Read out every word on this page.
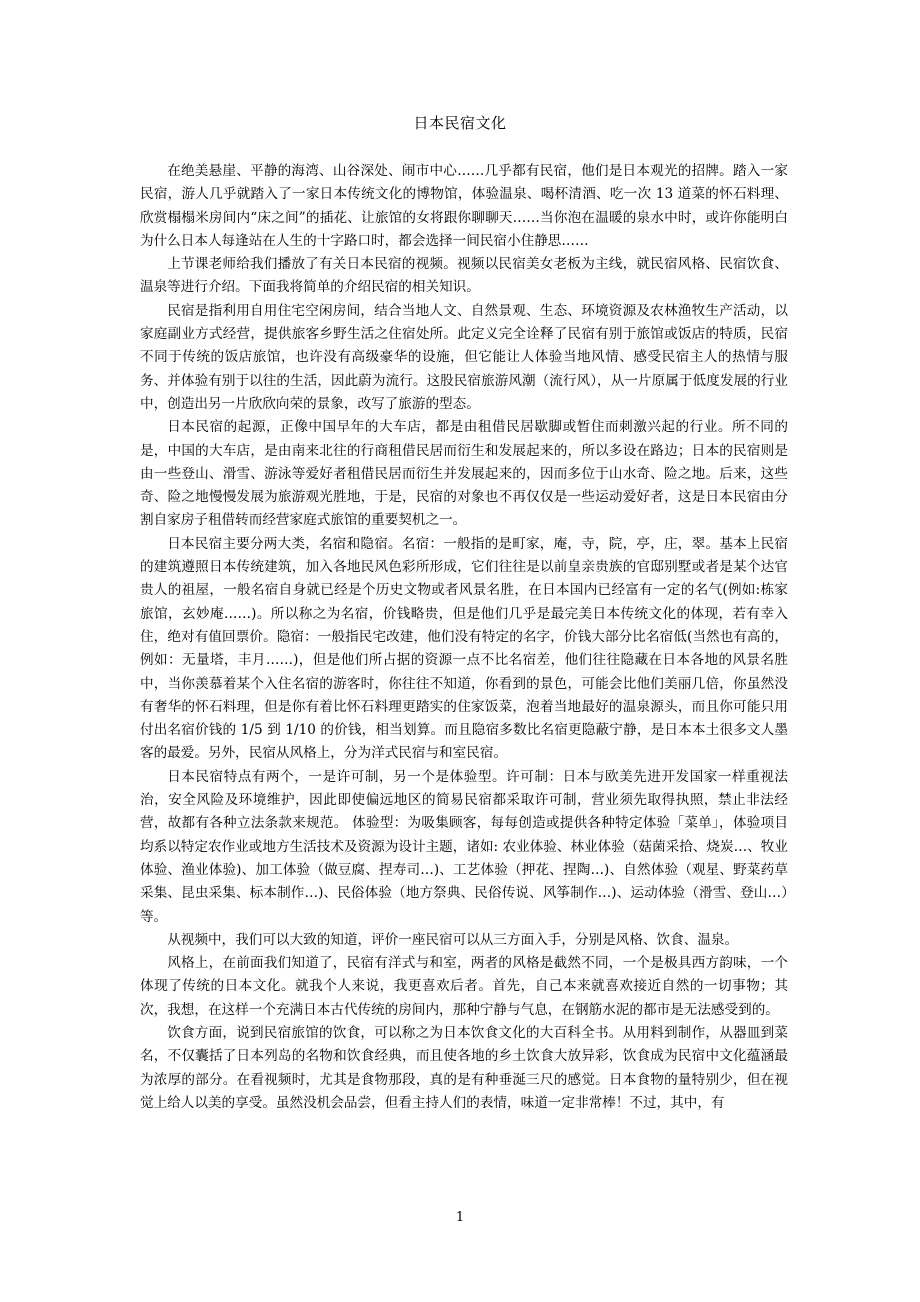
日本民宿文化

在绝美悬崖、平静的海湾、山谷深处、闹市中心……几乎都有民宿，他们是日本观光的招牌。踏入一家民宿，游人几乎就踏入了一家日本传统文化的博物馆，体验温泉、喝杯清酒、吃一次 13 道菜的怀石料理、欣赏榻榻米房间内“床之间”的插花、让旅馆的女将跟你聊聊天……当你泡在温暖的泉水中时，或许你能明白为什么日本人每逢站在人生的十字路口时，都会选择一间民宿小住静思……

上节课老师给我们播放了有关日本民宿的视频。视频以民宿美女老板为主线，就民宿风格、民宿饮食、温泉等进行介绍。下面我将简单的介绍民宿的相关知识。

民宿是指利用自用住宅空闲房间，结合当地人文、自然景观、生态、环境资源及农林渔牧生产活动，以家庭副业方式经营，提供旅客乡野生活之住宿处所。此定义完全诠释了民宿有别于旅馆或饭店的特质，民宿不同于传统的饭店旅馆，也许没有高级豪华的设施，但它能让人体验当地风情、感受民宿主人的热情与服务、并体验有别于以往的生活，因此蔚为流行。这股民宿旅游风潮（流行风），从一片原属于低度发展的行业中，创造出另一片欣欣向荣的景象，改写了旅游的型态。

日本民宿的起源，正像中国早年的大车店，都是由租借民居歇脚或暂住而刺激兴起的行业。所不同的是，中国的大车店，是由南来北往的行商租借民居而衍生和发展起来的，所以多设在路边；日本的民宿则是由一些登山、滑雪、游泳等爱好者租借民居而衍生并发展起来的，因而多位于山水奇、险之地。后来，这些奇、险之地慢慢发展为旅游观光胜地，于是，民宿的对象也不再仅仅是一些运动爱好者，这是日本民宿由分割自家房子租借转而经营家庭式旅馆的重要契机之一。

日本民宿主要分两大类，名宿和隐宿。名宿：一般指的是町家，庵，寺，院，亭，庄，翠。基本上民宿的建筑遵照日本传统建筑，加入各地民风色彩所形成，它们往往是以前皇亲贵族的官邸别墅或者是某个达官贵人的祖屋，一般名宿自身就已经是个历史文物或者风景名胜，在日本国内已经富有一定的名气(例如:栋家旅馆，玄妙庵……)。所以称之为名宿，价钱略贵，但是他们几乎是最完美日本传统文化的体现，若有幸入住，绝对有值回票价。隐宿：一般指民宅改建，他们没有特定的名字，价钱大部分比名宿低(当然也有高的，例如：无量塔，丰月……)，但是他们所占据的资源一点不比名宿差，他们往往隐藏在日本各地的风景名胜中，当你羡慕着某个入住名宿的游客时，你往往不知道，你看到的景色，可能会比他们美丽几倍，你虽然没有奢华的怀石料理，但是你有着比怀石料理更踏实的住家饭菜，泡着当地最好的温泉源头，而且你可能只用付出名宿价钱的 1/5 到 1/10 的价钱，相当划算。而且隐宿多数比名宿更隐蔽宁静，是日本本土很多文人墨客的最爱。另外，民宿从风格上，分为洋式民宿与和室民宿。

日本民宿特点有两个，一是许可制，另一个是体验型。许可制：日本与欧美先进开发国家一样重视法治，安全风险及环境维护，因此即使偏远地区的简易民宿都采取许可制，营业须先取得执照，禁止非法经营，故都有各种立法条款来规范。 体验型：为吸集顾客，每每创造或提供各种特定体验「菜单」，体验项目均系以特定农作业或地方生活技术及资源为设计主题，诸如: 农业体验、林业体验（菇菌采拾、烧炭…、牧业体验、渔业体验)、加工体验（做豆腐、捏寿司…)、工艺体验（押花、捏陶…)、自然体验（观星、野菜药草采集、昆虫采集、标本制作…)、民俗体验（地方祭典、民俗传说、风筝制作…)、运动体验（滑雪、登山…）等。

从视频中，我们可以大致的知道，评价一座民宿可以从三方面入手，分别是风格、饮食、温泉。

风格上，在前面我们知道了，民宿有洋式与和室，两者的风格是截然不同，一个是极具西方韵味，一个体现了传统的日本文化。就我个人来说，我更喜欢后者。首先，自己本来就喜欢接近自然的一切事物；其次，我想，在这样一个充满日本古代传统的房间内，那种宁静与气息，在钢筋水泥的都市是无法感受到的。

饮食方面，说到民宿旅馆的饮食，可以称之为日本饮食文化的大百科全书。从用料到制作，从器皿到菜名，不仅囊括了日本列岛的名物和饮食经典，而且使各地的乡土饮食大放异彩，饮食成为民宿中文化蕴涵最为浓厚的部分。在看视频时，尤其是食物那段，真的是有种垂涎三尺的感觉。日本食物的量特别少，但在视觉上给人以美的享受。虽然没机会品尝，但看主持人们的表情，味道一定非常棒！不过，其中，有

1
